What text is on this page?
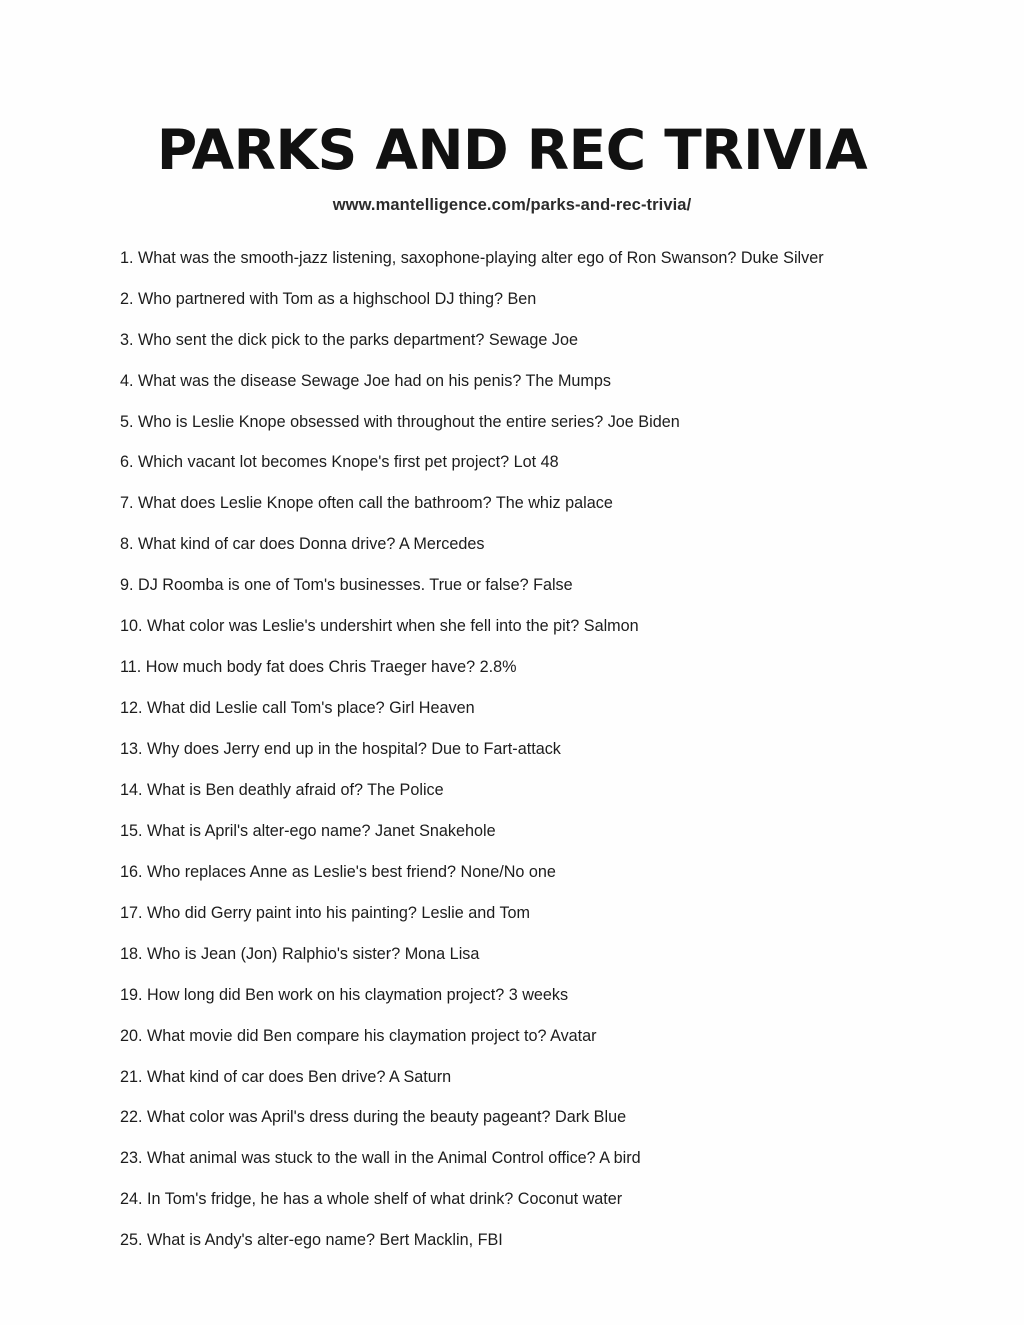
PARKS AND REC TRIVIA
www.mantelligence.com/parks-and-rec-trivia/
1. What was the smooth-jazz listening, saxophone-playing alter ego of Ron Swanson? Duke Silver
2. Who partnered with Tom as a highschool DJ thing? Ben
3. Who sent the dick pick to the parks department? Sewage Joe
4. What was the disease Sewage Joe had on his penis? The Mumps
5. Who is Leslie Knope obsessed with throughout the entire series? Joe Biden
6. Which vacant lot becomes Knope's first pet project? Lot 48
7. What does Leslie Knope often call the bathroom? The whiz palace
8. What kind of car does Donna drive? A Mercedes
9. DJ Roomba is one of Tom's businesses. True or false? False
10. What color was Leslie's undershirt when she fell into the pit? Salmon
11. How much body fat does Chris Traeger have? 2.8%
12. What did Leslie call Tom's place? Girl Heaven
13. Why does Jerry end up in the hospital? Due to Fart-attack
14. What is Ben deathly afraid of? The Police
15. What is April's alter-ego name? Janet Snakehole
16. Who replaces Anne as Leslie's best friend? None/No one
17. Who did Gerry paint into his painting? Leslie and Tom
18. Who is Jean (Jon) Ralphio's sister? Mona Lisa
19. How long did Ben work on his claymation project? 3 weeks
20. What movie did Ben compare his claymation project to? Avatar
21. What kind of car does Ben drive? A Saturn
22. What color was April's dress during the beauty pageant? Dark Blue
23. What animal was stuck to the wall in the Animal Control office? A bird
24. In Tom's fridge, he has a whole shelf of what drink? Coconut water
25. What is Andy's alter-ego name? Bert Macklin, FBI
